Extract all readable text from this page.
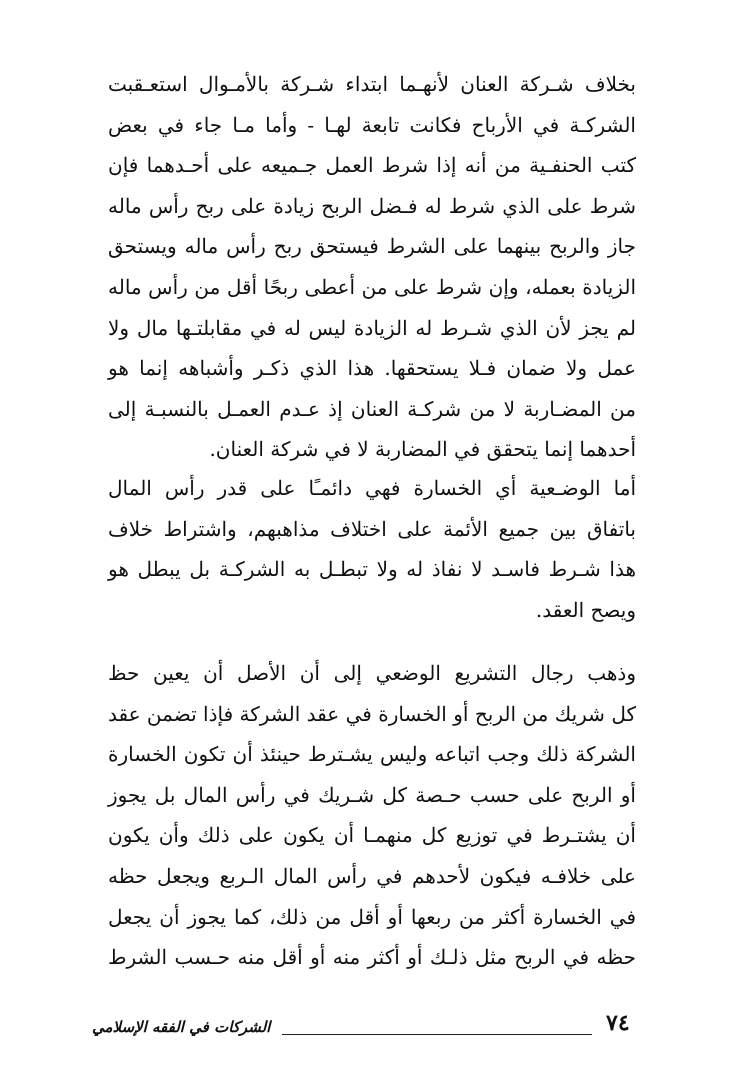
بخلاف شـركة العنان لأنهـما ابتداء شـركة بالأمـوال استعـقبت
الشركـة في الأرباح فكانت تابعة لهـا - وأما مـا جاء في بعض
كتب الحنفـية من أنه إذا شرط العمل جـميعه على أحـدهما فإن
شرط على الذي شرط له فـضل الربح زيادة على ربح رأس ماله
جاز والربح بينهما على الشرط فيستحق ربح رأس ماله ويستحق
الزيادة بعمله، وإن شرط على من أعطى ربحًا أقل من رأس ماله
لم يجز لأن الذي شـرط له الزيادة ليس له في مقابلتـها مال ولا
عمل ولا ضمان فـلا يستحقها. هذا الذي ذكـر وأشباهه إنما هو
من المضـاربة لا من شركـة العنان إذ عـدم العمـل بالنسبـة إلى
أحدهما إنما يتحقق في المضاربة لا في شركة العنان.
أما الوضـعية أي الخسارة فهي دائمـًا على قدر رأس المال
باتفاق بين جميع الأئمة على اختلاف مذاهبهم، واشتراط خلاف
هذا شـرط فاسـد لا نفاذ له ولا تبطـل به الشركـة بل يبطل هو
ويصح العقد.
وذهب رجال التشريع الوضعي إلى أن الأصل أن يعين حظ
كل شريك من الربح أو الخسارة في عقد الشركة فإذا تضمن عقد
الشركة ذلك وجب اتباعه وليس يشـترط حينئذ أن تكون الخسارة
أو الربح على حسب حـصة كل شـريك في رأس المال بل يجوز
أن يشتـرط في توزيع كل منهمـا أن يكون على ذلك وأن يكون
على خلافـه فيكون لأحدهم في رأس المال الـربع ويجعل حظه
في الخسارة أكثر من ربعها أو أقل من ذلك، كما يجوز أن يجعل
حظه في الربح مثل ذلـك أو أكثر منه أو أقل منه حـسب الشرط
الشركات في الفقه الإسلامي	٧٤
